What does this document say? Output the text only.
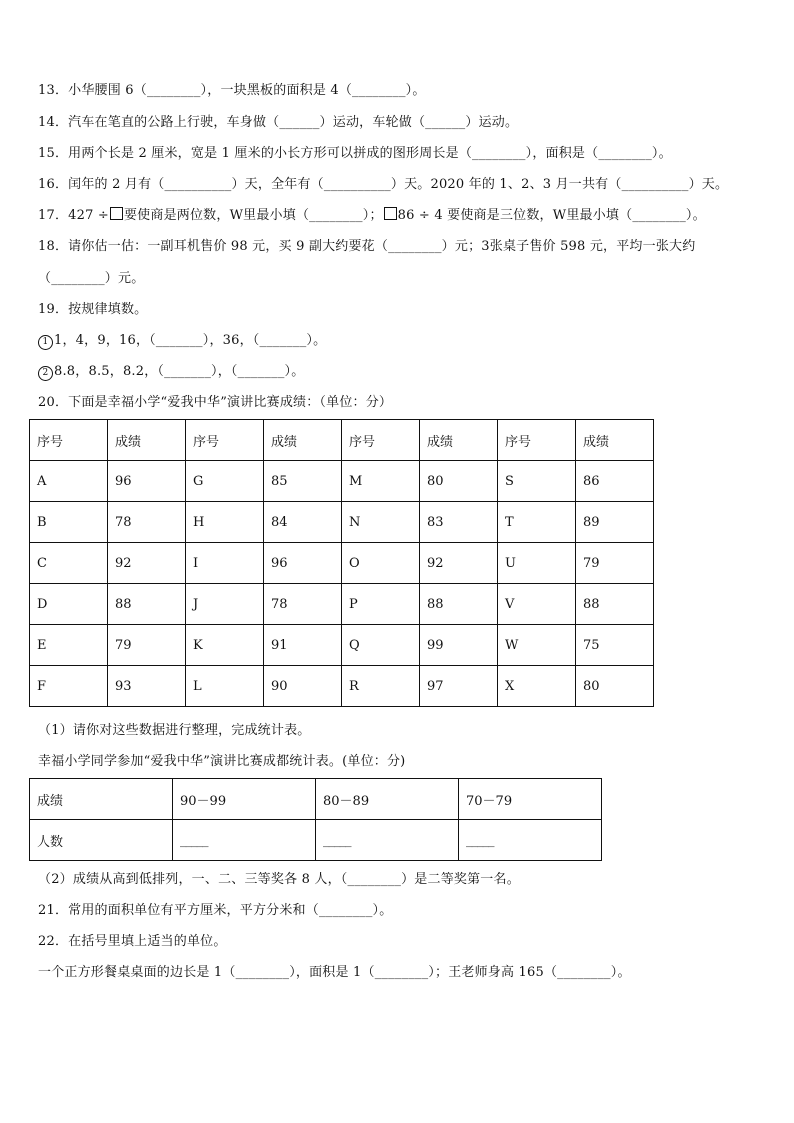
13．小华腰围 6（________），一块黑板的面积是 4（________）。
14．汽车在笔直的公路上行驶，车身做（______）运动，车轮做（______）运动。
15．用两个长是 2 厘米，宽是 1 厘米的小长方形可以拼成的图形周长是（________），面积是（________）。
16．闰年的 2 月有（__________）天，全年有（__________）天。2020 年的 1、2、3 月一共有（__________）天。
17．427 ÷ 要使商是两位数，W里最小填（________）； 86 ÷ 4 要使商是三位数，W里最小填（________）。
18．请你估一估：一副耳机售价 98 元，买 9 副大约要花（________）元；3张桌子售价 598 元，平均一张大约
（________）元。
19．按规律填数。
1 1，4，9，16，（_______），36，（_______）。
2 8.8，8.5，8.2，（_______），（_______）。
20．下面是幸福小学“爱我中华”演讲比赛成绩：（单位：分）
序号	成绩	序号	成绩	序号	成绩	序号	成绩
A	96	G	85	M	80	S	86
B	78	H	84	N	83	T	89
C	92	I	96	O	92	U	79
D	88	J	78	P	88	V	88
E	79	K	91	Q	99	W	75
F	93	L	90	R	97	X	80
（1）请你对这些数据进行整理，完成统计表。
幸福小学同学参加“爱我中华”演讲比赛成都统计表。(单位：分)
成绩	90－99	80－89	70－79
人数	_____	_____	_____
（2）成绩从高到低排列，一、二、三等奖各 8 人，（________）是二等奖第一名。
21．常用的面积单位有平方厘米，平方分米和（________）。
22．在括号里填上适当的单位。
一个正方形餐桌桌面的边长是 1（________），面积是 1（________）；王老师身高 165（________）。
